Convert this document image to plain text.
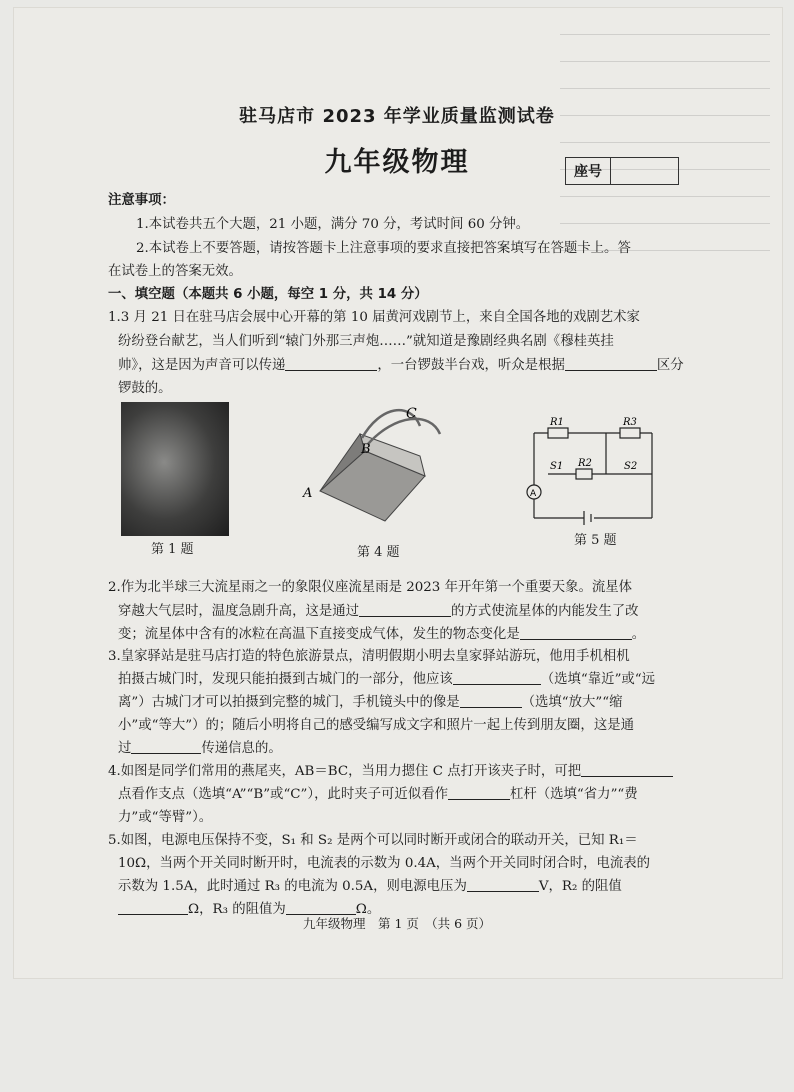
驻马店市 2023 年学业质量监测试卷
九年级物理	座号
注意事项：
1.本试卷共五个大题，21 小题，满分 70 分，考试时间 60 分钟。
2.本试卷上不要答题，请按答题卡上注意事项的要求直接把答案填写在答题卡上。答
在试卷上的答案无效。
一、填空题（本题共 6 小题，每空 1 分，共 14 分）
1.3 月 21 日在驻马店会展中心开幕的第 10 届黄河戏剧节上，来自全国各地的戏剧艺术家
纷纷登台献艺，当人们听到“辕门外那三声炮……”就知道是豫剧经典名剧《穆桂英挂
帅》，这是因为声音可以传递	，一台锣鼓半台戏，听众是根据	区分
锣鼓的。
第 1 题
A
B
C
第 4 题
R1	R3
S1 R2	S2
A
第 5 题
2.作为北半球三大流星雨之一的象限仪座流星雨是 2023 年开年第一个重要天象。流星体
穿越大气层时，温度急剧升高，这是通过	的方式使流星体的内能发生了改
变；流星体中含有的冰粒在高温下直接变成气体，发生的物态变化是	。
3.皇家驿站是驻马店打造的特色旅游景点，清明假期小明去皇家驿站游玩，他用手机相机
拍摄古城门时，发现只能拍摄到古城门的一部分，他应该	（选填“靠近”或“远
离”）古城门才可以拍摄到完整的城门，手机镜头中的像是	（选填“放大”“缩
小”或“等大”）的；随后小明将自己的感受编写成文字和照片一起上传到朋友圈，这是通
过	传递信息的。
4.如图是同学们常用的燕尾夹，AB＝BC，当用力摁住 C 点打开该夹子时，可把
点看作支点（选填“A”“B”或“C”），此时夹子可近似看作	杠杆（选填“省力”“费
力”或“等臂”）。
5.如图，电源电压保持不变，S₁ 和 S₂ 是两个可以同时断开或闭合的联动开关，已知 R₁＝
10Ω，当两个开关同时断开时，电流表的示数为 0.4A，当两个开关同时闭合时，电流表的
示数为 1.5A，此时通过 R₃ 的电流为 0.5A，则电源电压为	V，R₂ 的阻值
Ω，R₃ 的阻值为	Ω。
九年级物理　第 1 页　（共 6 页）
